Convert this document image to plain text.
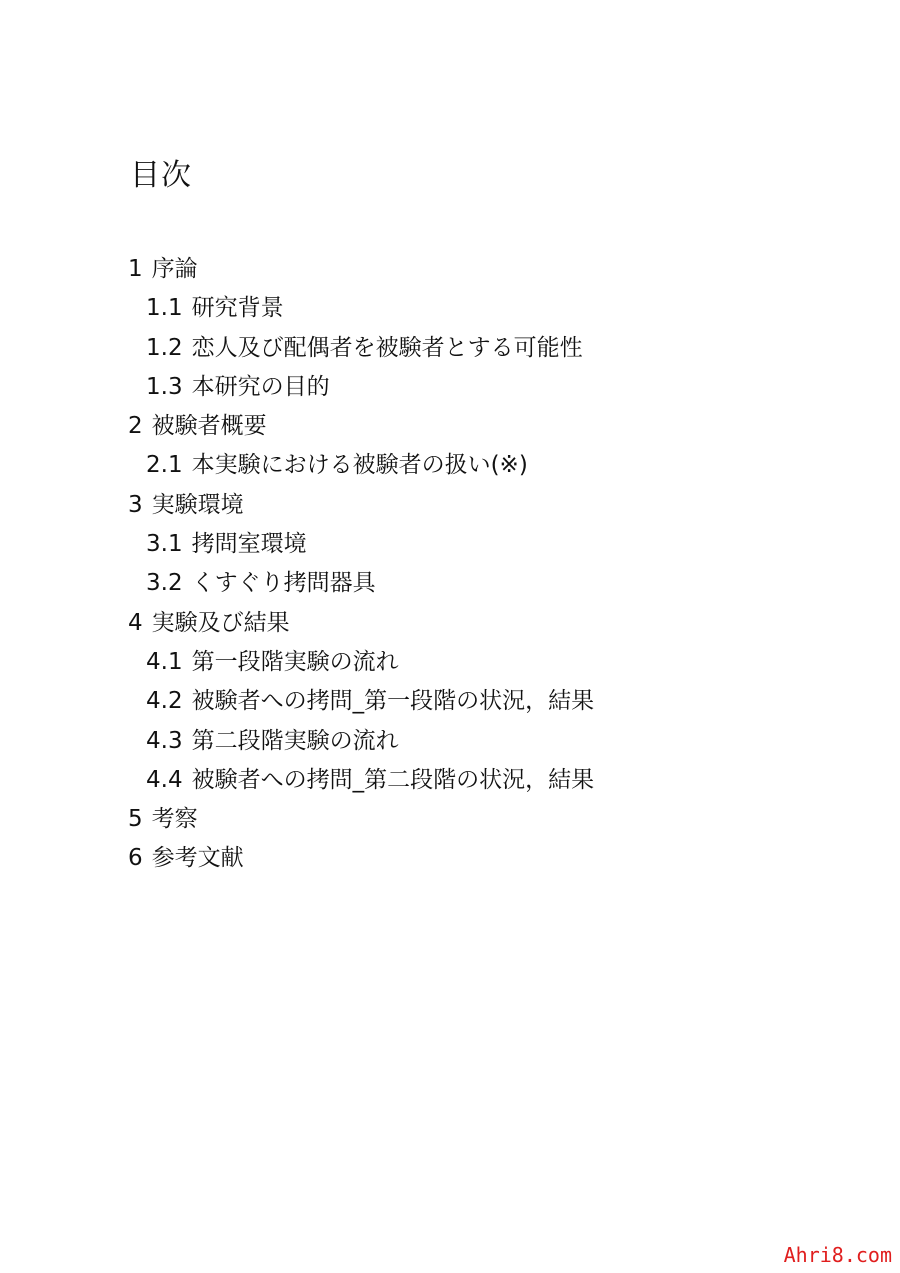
目次
1 序論
1.1 研究背景
1.2 恋人及び配偶者を被験者とする可能性
1.3 本研究の目的
2 被験者概要
2.1 本実験における被験者の扱い(※)
3 実験環境
3.1 拷問室環境
3.2 くすぐり拷問器具
4 実験及び結果
4.1 第一段階実験の流れ
4.2 被験者への拷問_第一段階の状況，結果
4.3 第二段階実験の流れ
4.4 被験者への拷問_第二段階の状況，結果
5 考察
6 参考文献
Ahri8.com
